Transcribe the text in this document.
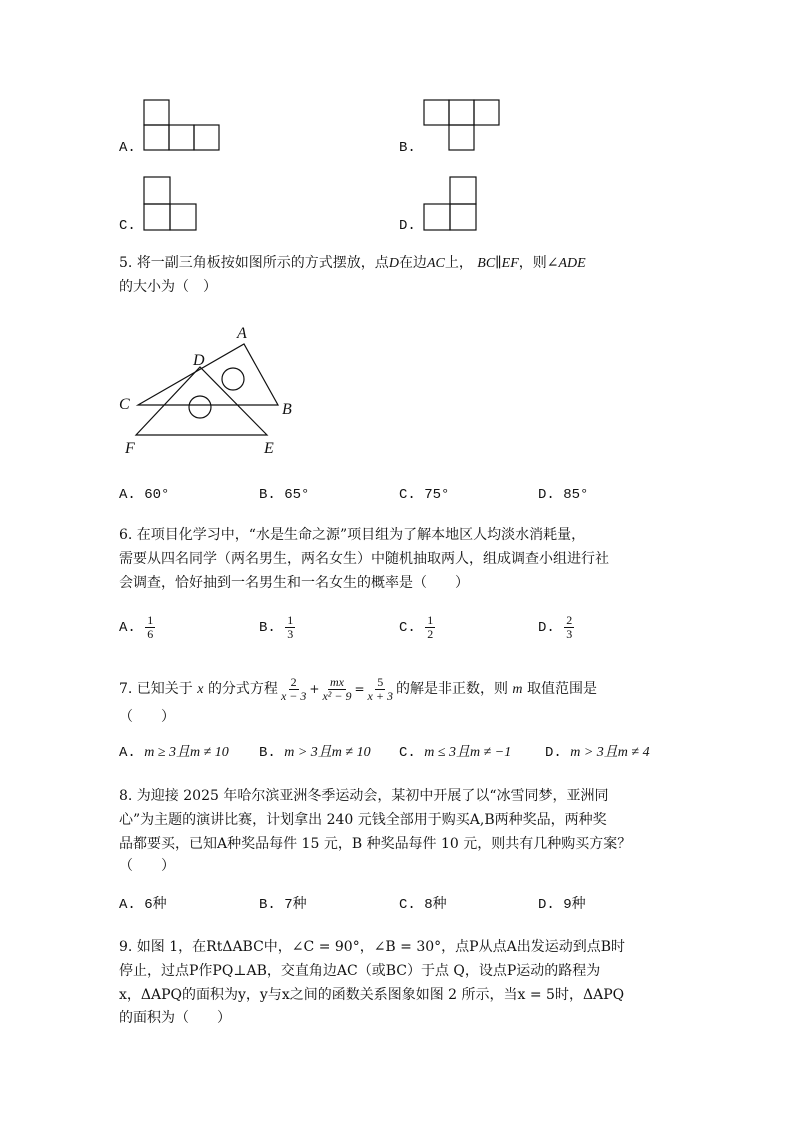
A.	B.
C.	D.
5. 将一副三角板按如图所示的方式摆放，点D在边AC上， BC∥EF，则∠ADE
的大小为（　）
A
D
C	B
F	E
A. 60°	B. 65°	C. 75°	D. 85°
6. 在项目化学习中，“水是生命之源”项目组为了解本地区人均淡水消耗量，
需要从四名同学（两名男生，两名女生）中随机抽取两人，组成调查小组进行社
会调查，恰好抽到一名男生和一名女生的概率是（　　）
A. $\frac{1}{6}$	B. $\frac{1}{3}$	C. $\frac{1}{2}$	D. $\frac{2}{3}$
7. 已知关于 x 的分式方程 $\frac{2}{x - 3} + \frac{mx}{\text{x² − 9}} = \frac{5}{x + 3}$ 的解是非正数，则 m 取值范围是
（　　）
A. m ≥ 3且m ≠ 10 B. m > 3且m ≠ 10 C. m ≤ 3且m ≠ −1 D. m > 3且m ≠ 4
8. 为迎接 2025 年哈尔滨亚洲冬季运动会，某初中开展了以“冰雪同梦，亚洲同
心”为主题的演讲比赛，计划拿出 240 元钱全部用于购买A,B两种奖品，两种奖
品都要买，已知A种奖品每件 15 元，B 种奖品每件 10 元，则共有几种购买方案？
（　　）
A. 6种	B. 7种	C. 8种	D. 9种
9. 如图 1，在RtΔABC中，∠C = 90°，∠B = 30°，点P从点A出发运动到点B时
停止，过点P作PQ⊥AB，交直角边AC（或BC）于点 Q，设点P运动的路程为
x，ΔAPQ的面积为y，y与x之间的函数关系图象如图 2 所示，当x = 5时，ΔAPQ
的面积为（　　）
